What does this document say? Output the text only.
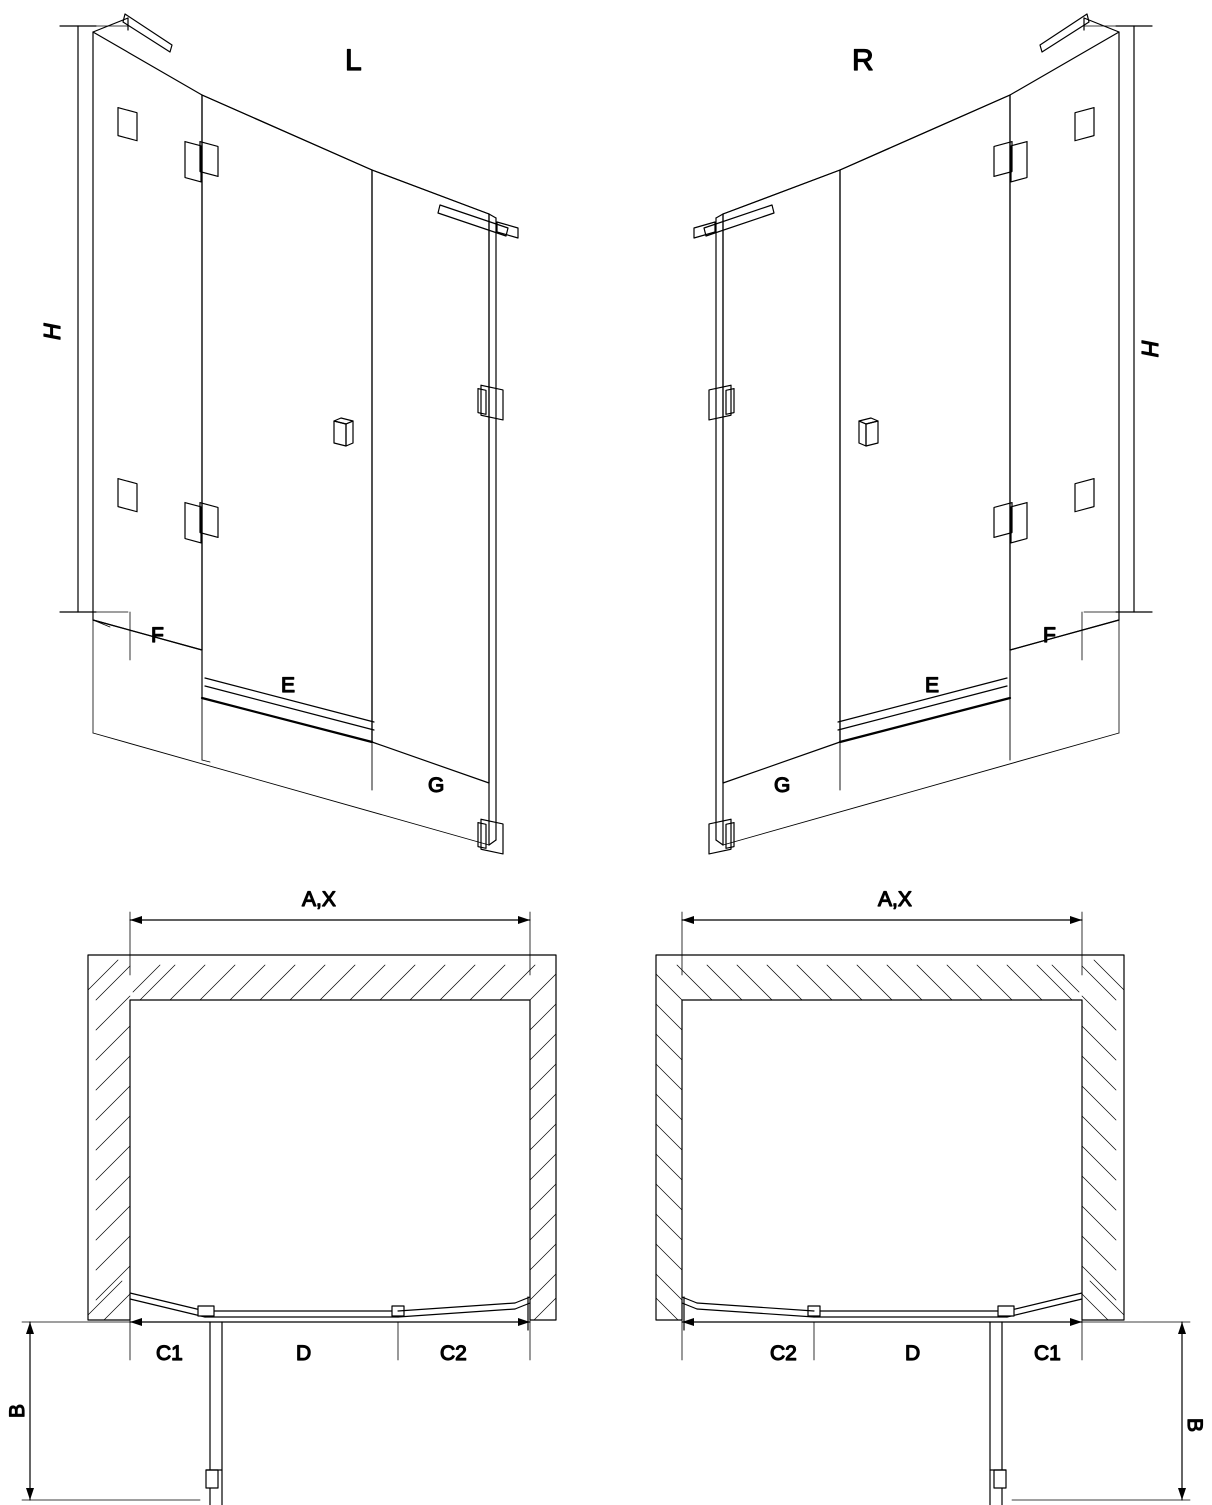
F
E
G
H
L
F
E
G
H
R
A,X
B
C1	D	C2
A,X
C2	D	C1
B
